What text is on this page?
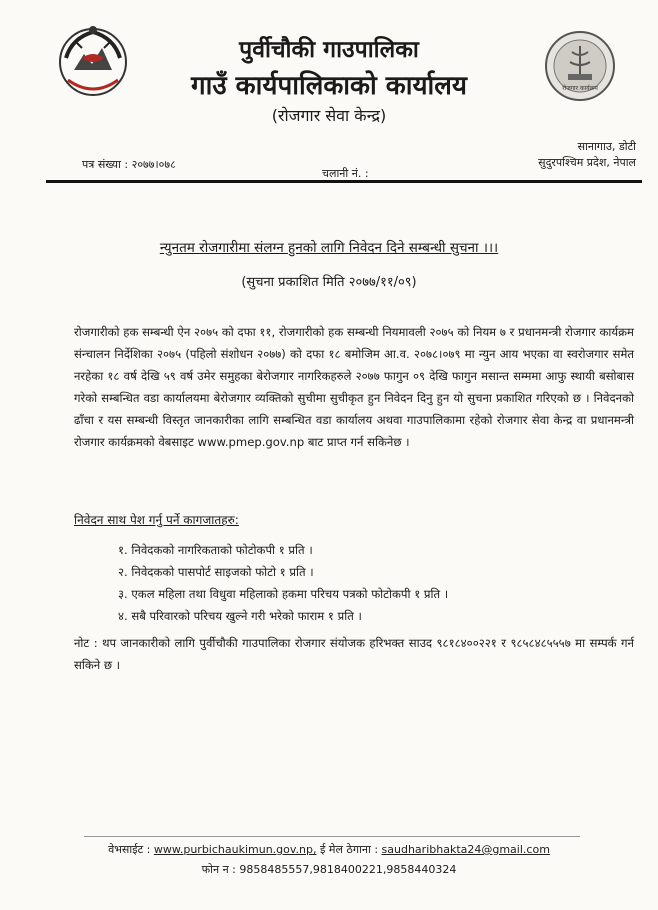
पुर्वीचौकी गाउपालिका
गाउँ कार्यपालिकाको कार्यालय
(रोजगार सेवा केन्द्र)
रोजगार कार्यक्रम
सानागाउ, डोटी
सुदुरपश्चिम प्रदेश, नेपाल
पत्र संख्या : २०७७।०७८
चलानी नं. :
न्युनतम रोजगारीमा संलग्न हुनको लागि निवेदन दिने सम्बन्धी सुचना ।।।
(सुचना प्रकाशित मिति २०७७/११/०९)
रोजगारीको हक सम्बन्धी ऐन २०७५ को दफा ११, रोजगारीको हक सम्बन्धी नियमावली २०७५ को नियम ७ र प्रधानमन्त्री रोजगार कार्यक्रम संन्चालन निर्देशिका २०७५ (पहिलो संशोधन २०७७) को दफा १८ बमोजिम आ.व. २०७८।०७९ मा न्युन आय भएका वा स्वरोजगार समेत नरहेका १८ वर्ष देखि ५९ वर्ष उमेर समुहका बेरोजगार नागरिकहरुले २०७७ फागुन ०९ देखि फागुन मसान्त सम्ममा आफु स्थायी बसोबास गरेको सम्बन्धित वडा कार्यालयमा बेरोजगार व्यक्तिको सुचीमा सुचीकृत हुन निवेदन दिनु हुन यो सुचना प्रकाशित गरिएको छ । निवेदनको ढाँचा र यस सम्बन्धी विस्तृत जानकारीका लागि सम्बन्धित वडा कार्यालय अथवा गाउपालिकामा रहेको रोजगार सेवा केन्द्र वा प्रधानमन्त्री रोजगार कार्यक्रमको वेबसाइट www.pmep.gov.np बाट प्राप्त गर्न सकिनेछ ।
निवेदन साथ पेश गर्नु पर्ने कागजातहरु:
१. निवेदकको नागरिकताको फोटोकपी १ प्रति ।
२. निवेदकको पासपोर्ट साइजको फोटो १ प्रति ।
३. एकल महिला तथा विधुवा महिलाको हकमा परिचय पत्रको फोटोकपी १ प्रति ।
४. सबै परिवारको परिचय खुल्ने गरी भरेको फाराम १ प्रति ।
नोट : थप जानकारीको लागि पुर्वीचौकी गाउपालिका रोजगार संयोजक हरिभक्त साउद ९८१८४००२२१ र ९८५८४८५५५७ मा सम्पर्क गर्न सकिने छ ।
वेभसाईट : www.purbichaukimun.gov.np, ई मेल ठेगाना : saudharibhakta24@gmail.com
फोन न : 9858485557,9818400221,9858440324
